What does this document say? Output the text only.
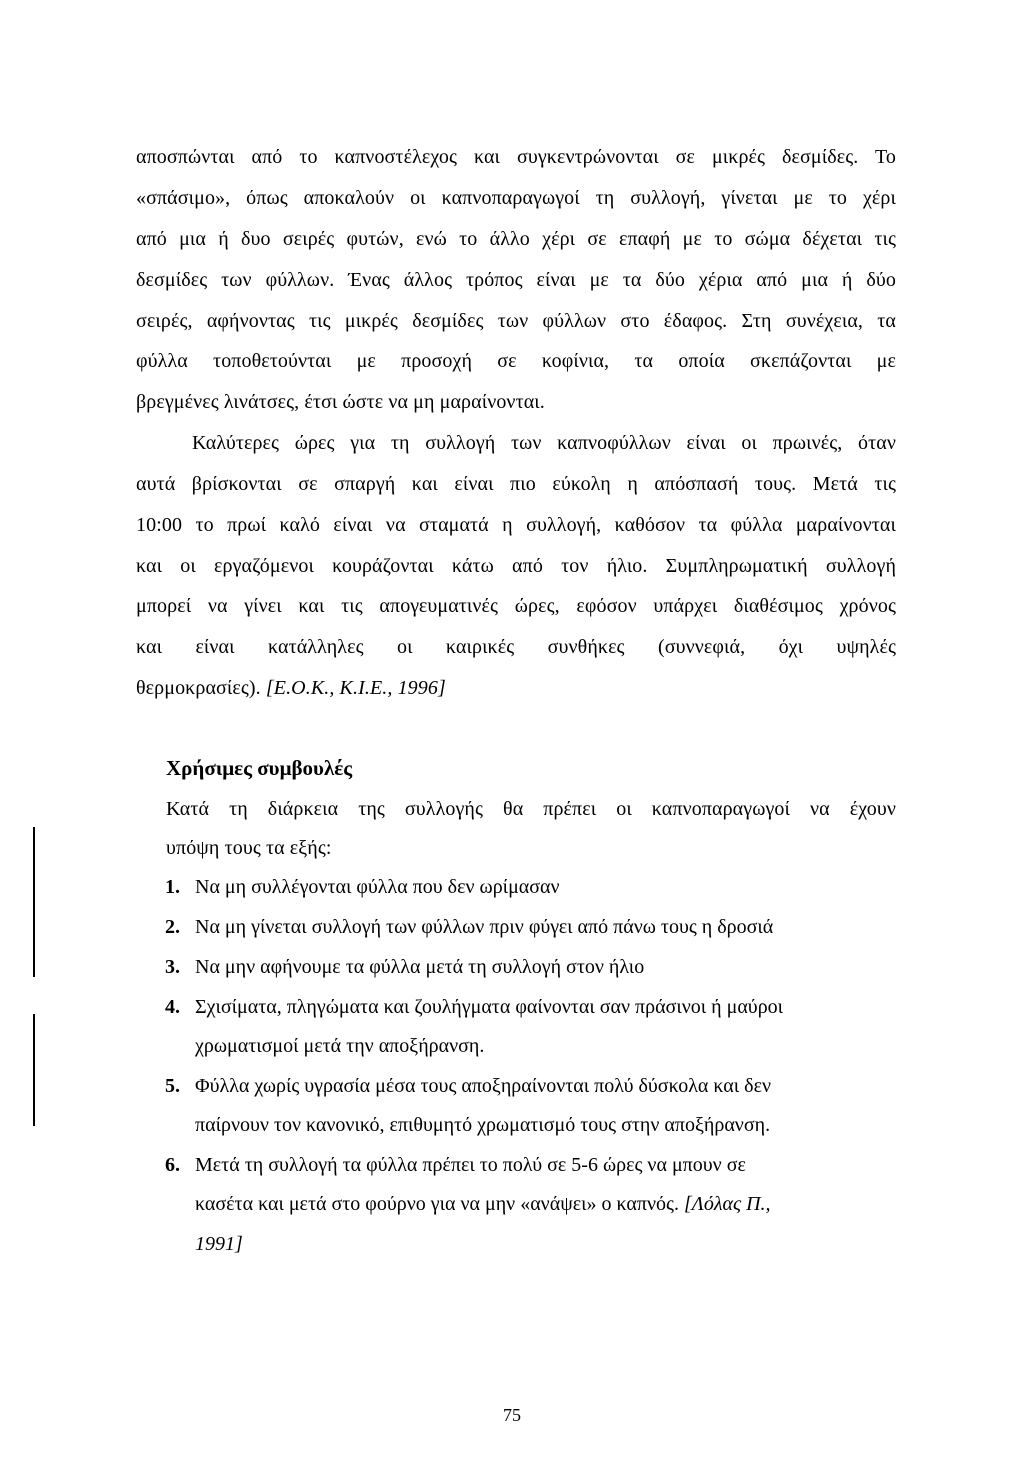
αποσπώνται από το καπνοστέλεχος και συγκεντρώνονται σε μικρές δεσμίδες. Το
«σπάσιμο», όπως αποκαλούν οι καπνοπαραγωγοί τη συλλογή, γίνεται με το χέρι
από μια ή δυο σειρές φυτών, ενώ το άλλο χέρι σε επαφή με το σώμα δέχεται τις
δεσμίδες των φύλλων. Ένας άλλος τρόπος είναι με τα δύο χέρια από μια ή δύο
σειρές, αφήνοντας τις μικρές δεσμίδες των φύλλων στο έδαφος. Στη συνέχεια, τα
φύλλα τοποθετούνται με προσοχή σε κοφίνια, τα οποία σκεπάζονται με
βρεγμένες λινάτσες, έτσι ώστε να μη μαραίνονται.
Καλύτερες ώρες για τη συλλογή των καπνοφύλλων είναι οι πρωινές, όταν
αυτά βρίσκονται σε σπαργή και είναι πιο εύκολη η απόσπασή τους. Μετά τις
10:00 το πρωί καλό είναι να σταματά η συλλογή, καθόσον τα φύλλα μαραίνονται
και οι εργαζόμενοι κουράζονται κάτω από τον ήλιο. Συμπληρωματική συλλογή
μπορεί να γίνει και τις απογευματινές ώρες, εφόσον υπάρχει διαθέσιμος χρόνος
και είναι κατάλληλες οι καιρικές συνθήκες (συννεφιά, όχι υψηλές
θερμοκρασίες). [Ε.Ο.Κ., Κ.Ι.Ε., 1996]
Χρήσιμες συμβουλές
Κατά τη διάρκεια της συλλογής θα πρέπει οι καπνοπαραγωγοί να έχουν
υπόψη τους τα εξής:
1. Να μη συλλέγονται φύλλα που δεν ωρίμασαν
2. Να μη γίνεται συλλογή των φύλλων πριν φύγει από πάνω τους η δροσιά
3. Να μην αφήνουμε τα φύλλα μετά τη συλλογή στον ήλιο
4. Σχισίματα, πληγώματα και ζουλήγματα φαίνονται σαν πράσινοι ή μαύροι
χρωματισμοί μετά την αποξήρανση.
5. Φύλλα χωρίς υγρασία μέσα τους αποξηραίνονται πολύ δύσκολα και δεν
παίρνουν τον κανονικό, επιθυμητό χρωματισμό τους στην αποξήρανση.
6. Μετά τη συλλογή τα φύλλα πρέπει το πολύ σε 5-6 ώρες να μπουν σε
κασέτα και μετά στο φούρνο για να μην «ανάψει» ο καπνός. [Λόλας Π.,
1991]
75
